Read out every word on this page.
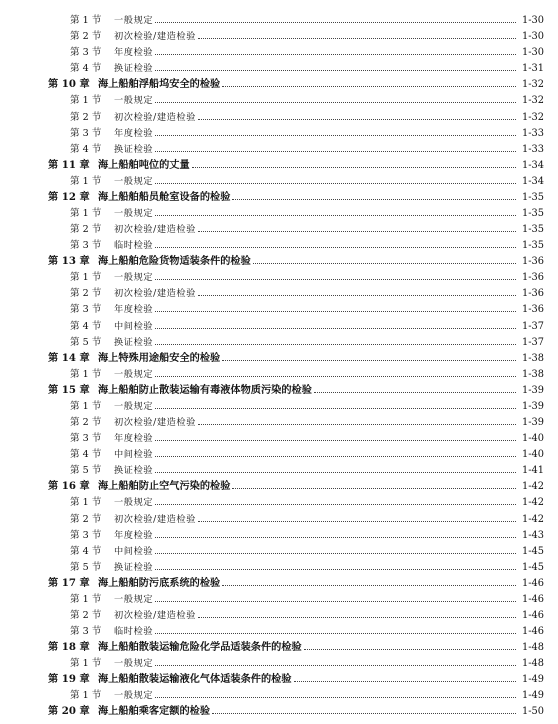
第 1 节	一般规定	1-30
第 2 节	初次检验/建造检验	1-30
第 3 节	年度检验	1-30
第 4 节	换证检验	1-31
第 10 章 海上船舶浮船坞安全的检验	1-32
第 1 节	一般规定	1-32
第 2 节	初次检验/建造检验	1-32
第 3 节	年度检验	1-33
第 4 节	换证检验	1-33
第 11 章 海上船舶吨位的丈量	1-34
第 1 节	一般规定	1-34
第 12 章 海上船舶船员舱室设备的检验	1-35
第 1 节	一般规定	1-35
第 2 节	初次检验/建造检验	1-35
第 3 节	临时检验	1-35
第 13 章 海上船舶危险货物适装条件的检验	1-36
第 1 节	一般规定	1-36
第 2 节	初次检验/建造检验	1-36
第 3 节	年度检验	1-36
第 4 节	中间检验	1-37
第 5 节	换证检验	1-37
第 14 章 海上特殊用途船安全的检验	1-38
第 1 节	一般规定	1-38
第 15 章 海上船舶防止散装运输有毒液体物质污染的检验	1-39
第 1 节	一般规定	1-39
第 2 节	初次检验/建造检验	1-39
第 3 节	年度检验	1-40
第 4 节	中间检验	1-40
第 5 节	换证检验	1-41
第 16 章 海上船舶防止空气污染的检验	1-42
第 1 节	一般规定	1-42
第 2 节	初次检验/建造检验	1-42
第 3 节	年度检验	1-43
第 4 节	中间检验	1-45
第 5 节	换证检验	1-45
第 17 章 海上船舶防污底系统的检验	1-46
第 1 节	一般规定	1-46
第 2 节	初次检验/建造检验	1-46
第 3 节	临时检验	1-46
第 18 章 海上船舶散装运输危险化学品适装条件的检验	1-48
第 1 节	一般规定	1-48
第 19 章 海上船舶散装运输液化气体适装条件的检验	1-49
第 1 节	一般规定	1-49
第 20 章 海上船舶乘客定额的检验	1-50
